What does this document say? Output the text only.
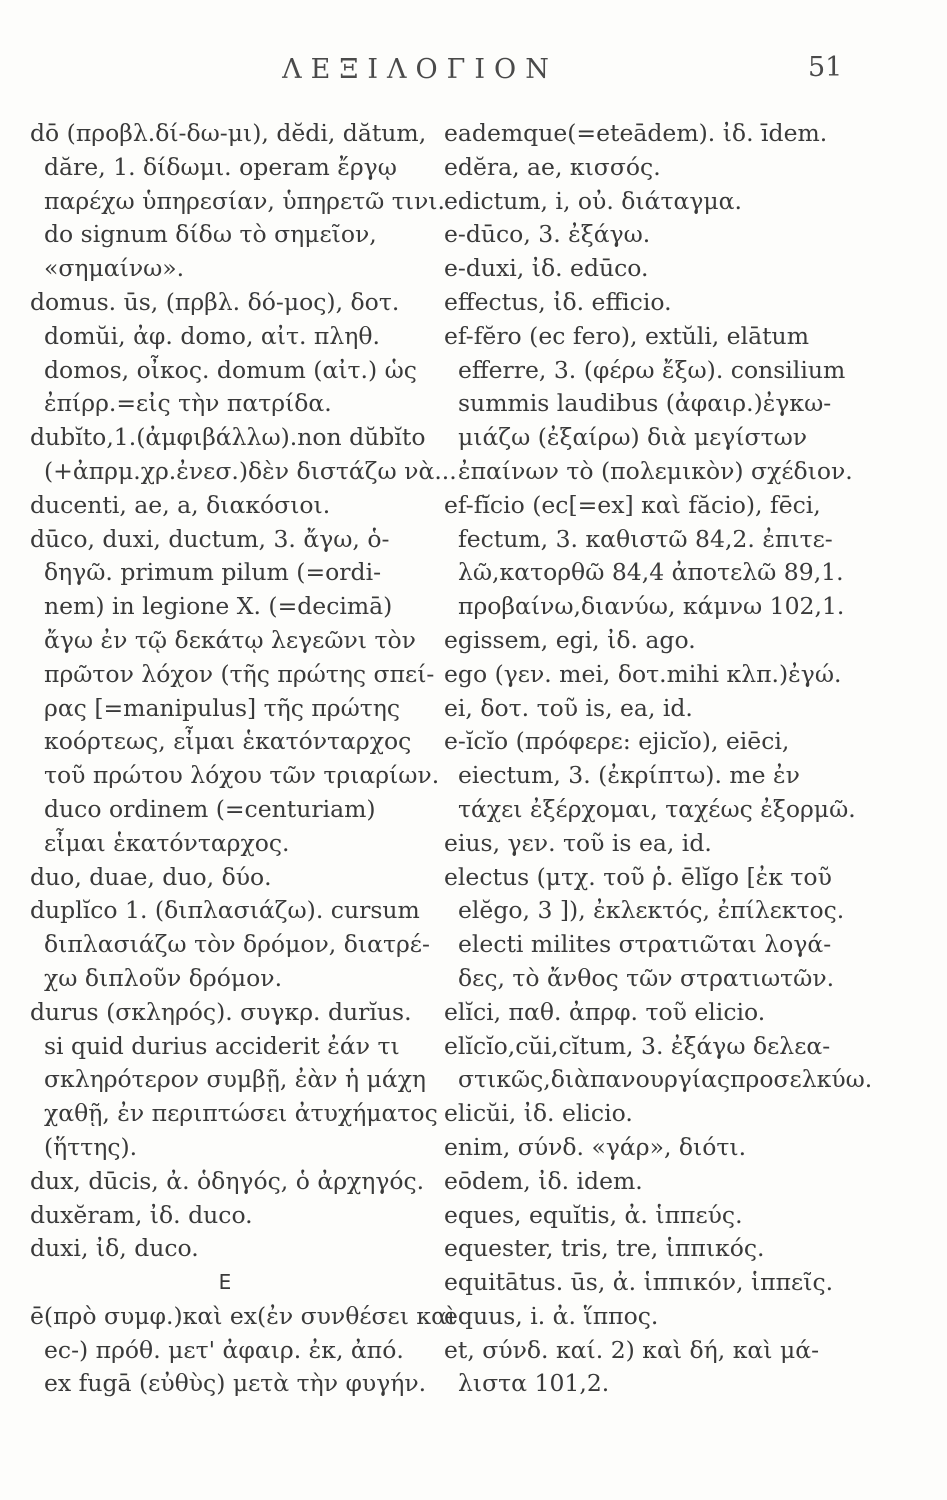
ΛΕΞΙΛΟΓΙΟΝ	51
dō (προβλ.δί-δω-μι), dĕdi, dătum,
dăre, 1. δίδωμι. operam ἔργῳ
παρέχω ὑπηρεσίαν, ὑπηρετῶ τινι.
do signum δίδω τὸ σημεῖον,
«σημαίνω».
domus. ūs, (πρβλ. δό-μος), δοτ.
domŭi, ἀφ. domo, αἰτ. πληθ.
domos, οἶκος. domum (αἰτ.) ὡς
ἐπίρρ.=εἰς τὴν πατρίδα.
dubĭto,1.(ἀμφιβάλλω).non dŭbĭto
(+ἀπρμ.χρ.ἐνεσ.)δὲν διστάζω νὰ...
ducenti, ae, a, διακόσιοι.
dūco, duxi, ductum, 3. ἄγω, ὁ-
δηγῶ. primum pilum (=ordi-
nem) in legione X. (=decimā)
ἄγω ἐν τῷ δεκάτῳ λεγεῶνι τὸν
πρῶτον λόχον (τῆς πρώτης σπεί-
ρας [=manipulus] τῆς πρώτης
κοόρτεως, εἶμαι ἑκατόνταρχος
τοῦ πρώτου λόχου τῶν τριαρίων.
duco ordinem (=centuriam)
εἶμαι ἑκατόνταρχος.
duo, duae, duo, δύο.
duplĭco 1. (διπλασιάζω). cursum
διπλασιάζω τὸν δρόμον, διατρέ-
χω διπλοῦν δρόμον.
durus (σκληρός). συγκρ. durĭus.
si quid durius acciderit ἐάν τι
σκληρότερον συμβῇ, ἐὰν ἡ μάχη
χαθῇ, ἐν περιπτώσει ἀτυχήματος
(ἥττης).
dux, dūcis, ἀ. ὁδηγός, ὁ ἀρχηγός.
duxĕram, ἰδ. duco.
duxi, ἰδ, duco.
E
ē(πρὸ συμφ.)καὶ ex(ἐν συνθέσει καὶ
ec-) πρόθ. μετ' ἀφαιρ. ἐκ, ἀπό.
ex fugā (εὐθὺς) μετὰ τὴν φυγήν.
eademque(=eteādem). ἰδ. īdem.
edĕra, ae, κισσός.
edictum, i, οὐ. διάταγμα.
e-dūco, 3. ἐξάγω.
e-duxi, ἰδ. edūco.
effectus, ἰδ. efficio.
ef-fĕro (ec fero), extŭli, elātum
efferre, 3. (φέρω ἔξω). consilium
summis laudibus (ἀφαιρ.)ἐγκω-
μιάζω (ἐξαίρω) διὰ μεγίστων
ἐπαίνων τὸ (πολεμικὸν) σχέδιον.
ef-fĭcio (ec[=ex] καὶ făcio), fēci,
fectum, 3. καθιστῶ 84,2. ἐπιτε-
λῶ,κατορθῶ 84,4 ἀποτελῶ 89,1.
προβαίνω,διανύω, κάμνω 102,1.
egissem, egi, ἰδ. ago.
ego (γεν. mei, δοτ.mihi κλπ.)ἐγώ.
ei, δοτ. τοῦ is, ea, id.
e-ĭcĭo (πρόφερε: ejicĭo), eiēci,
eiectum, 3. (ἐκρίπτω). me ἐν
τάχει ἐξέρχομαι, ταχέως ἐξορμῶ.
eius, γεν. τοῦ is ea, id.
electus (μτχ. τοῦ ῥ. ēlĭgo [ἐκ τοῦ
elĕgo, 3 ]), ἐκλεκτός, ἐπίλεκτος.
electi milites στρατιῶται λογά-
δες, τὸ ἄνθος τῶν στρατιωτῶν.
elĭci, παθ. ἀπρφ. τοῦ elicio.
elĭcĭo,cŭi,cĭtum, 3. ἐξάγω δελεα-
στικῶς,διὰπανουργίαςπροσελκύω.
elicŭi, ἰδ. elicio.
enim, σύνδ. «γάρ», διότι.
eōdem, ἰδ. idem.
eques, equĭtis, ἀ. ἱππεύς.
equester, tris, tre, ἱππικός.
equitātus. ūs, ἀ. ἱππικόν, ἱππεῖς.
equus, i. ἀ. ἵππος.
et, σύνδ. καί. 2) καὶ δή, καὶ μά-
λιστα 101,2.
